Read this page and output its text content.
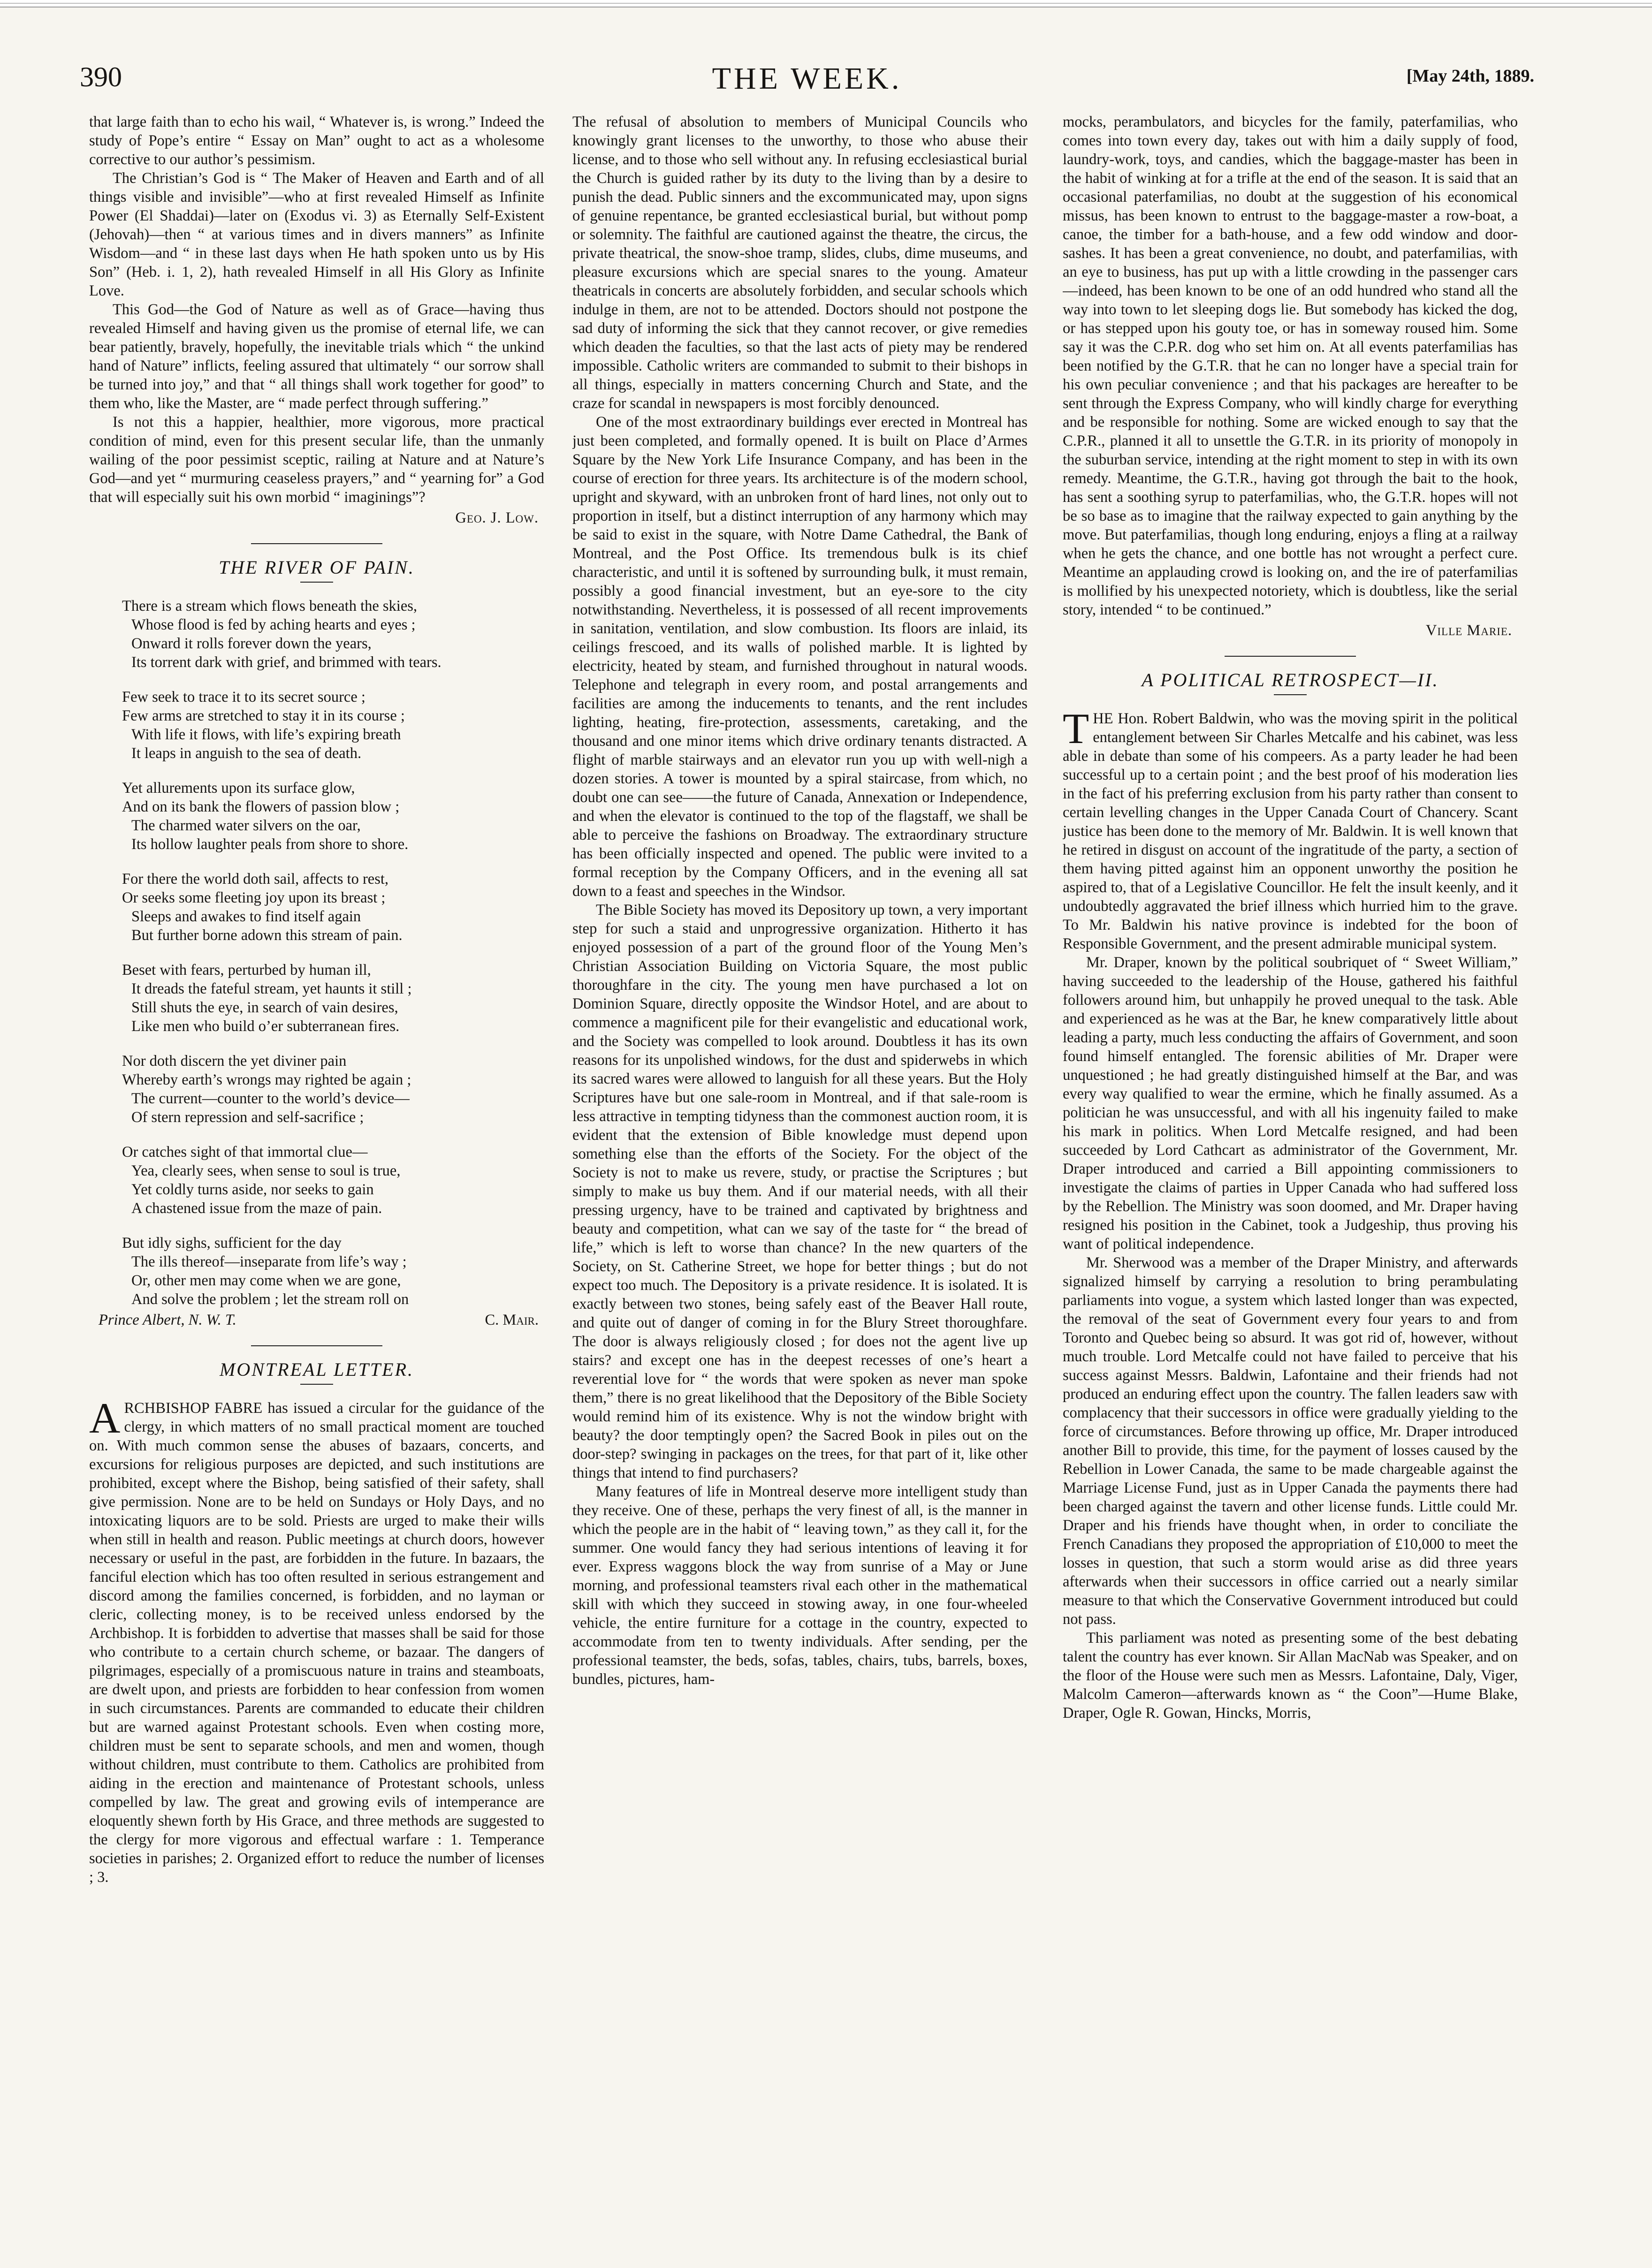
390	THE WEEK.	[May 24th, 1889.

that large faith than to echo his wail, “ Whatever is, is wrong.” Indeed the study of Pope’s entire “ Essay on Man” ought to act as a wholesome corrective to our author’s pessimism.

The Christian’s God is “ The Maker of Heaven and Earth and of all things visible and invisible”—who at first revealed Himself as Infinite Power (El Shaddai)—later on (Exodus vi. 3) as Eternally Self-Existent (Jehovah)—then “ at various times and in divers manners” as Infinite Wisdom—and “ in these last days when He hath spoken unto us by His Son” (Heb. i. 1, 2), hath revealed Himself in all His Glory as Infinite Love.

This God—the God of Nature as well as of Grace—having thus revealed Himself and having given us the promise of eternal life, we can bear patiently, bravely, hopefully, the inevitable trials which “ the unkind hand of Nature” inflicts, feeling assured that ultimately “ our sorrow shall be turned into joy,” and that “ all things shall work together for good” to them who, like the Master, are “ made perfect through suffering.”

Is not this a happier, healthier, more vigorous, more practical condition of mind, even for this present secular life, than the unmanly wailing of the poor pessimist sceptic, railing at Nature and at Nature’s God—and yet “ murmuring ceaseless prayers,” and “ yearning for” a God that will especially suit his own morbid “ imaginings”?

Geo. J. Low.
THE RIVER OF PAIN.
There is a stream which flows beneath the skies,
Whose flood is fed by aching hearts and eyes ;
Onward it rolls forever down the years,
Its torrent dark with grief, and brimmed with tears.
Few seek to trace it to its secret source ;
Few arms are stretched to stay it in its course ;
With life it flows, with life’s expiring breath
It leaps in anguish to the sea of death.
Yet allurements upon its surface glow,
And on its bank the flowers of passion blow ;
The charmed water silvers on the oar,
Its hollow laughter peals from shore to shore.
For there the world doth sail, affects to rest,
Or seeks some fleeting joy upon its breast ;
Sleeps and awakes to find itself again
But further borne adown this stream of pain.
Beset with fears, perturbed by human ill,
It dreads the fateful stream, yet haunts it still ;
Still shuts the eye, in search of vain desires,
Like men who build o’er subterranean fires.
Nor doth discern the yet diviner pain
Whereby earth’s wrongs may righted be again ;
The current—counter to the world’s device—
Of stern repression and self-sacrifice ;
Or catches sight of that immortal clue—
Yea, clearly sees, when sense to soul is true,
Yet coldly turns aside, nor seeks to gain
A chastened issue from the maze of pain.
But idly sighs, sufficient for the day
The ills thereof—inseparate from life’s way ;
Or, other men may come when we are gone,
And solve the problem ; let the stream roll on
Prince Albert, N. W. T.	C. Mair.
MONTREAL LETTER.

ARCHBISHOP FABRE has issued a circular for the guidance of the clergy, in which matters of no small practical moment are touched on. With much common sense the abuses of bazaars, concerts, and excursions for religious purposes are depicted, and such institutions are prohibited, except where the Bishop, being satisfied of their safety, shall give permission. None are to be held on Sundays or Holy Days, and no intoxicating liquors are to be sold. Priests are urged to make their wills when still in health and reason. Public meetings at church doors, however necessary or useful in the past, are forbidden in the future. In bazaars, the fanciful election which has too often resulted in serious estrangement and discord among the families concerned, is forbidden, and no layman or cleric, collecting money, is to be received unless endorsed by the Archbishop. It is forbidden to advertise that masses shall be said for those who contribute to a certain church scheme, or bazaar. The dangers of pilgrimages, especially of a promiscuous nature in trains and steamboats, are dwelt upon, and priests are forbidden to hear confession from women in such circumstances. Parents are commanded to educate their children but are warned against Protestant schools. Even when costing more, children must be sent to separate schools, and men and women, though without children, must contribute to them. Catholics are prohibited from aiding in the erection and maintenance of Protestant schools, unless compelled by law. The great and growing evils of intemperance are eloquently shewn forth by His Grace, and three methods are suggested to the clergy for more vigorous and effectual warfare : 1. Temperance societies in parishes; 2. Organized effort to reduce the number of licenses ; 3.

The refusal of absolution to members of Municipal Councils who knowingly grant licenses to the unworthy, to those who abuse their license, and to those who sell without any. In refusing ecclesiastical burial the Church is guided rather by its duty to the living than by a desire to punish the dead. Public sinners and the excommunicated may, upon signs of genuine repentance, be granted ecclesiastical burial, but without pomp or solemnity. The faithful are cautioned against the theatre, the circus, the private theatrical, the snow-shoe tramp, slides, clubs, dime museums, and pleasure excursions which are special snares to the young. Amateur theatricals in concerts are absolutely forbidden, and secular schools which indulge in them, are not to be attended. Doctors should not postpone the sad duty of informing the sick that they cannot recover, or give remedies which deaden the faculties, so that the last acts of piety may be rendered impossible. Catholic writers are commanded to submit to their bishops in all things, especially in matters concerning Church and State, and the craze for scandal in newspapers is most forcibly denounced.

One of the most extraordinary buildings ever erected in Montreal has just been completed, and formally opened. It is built on Place d’Armes Square by the New York Life Insurance Company, and has been in the course of erection for three years. Its architecture is of the modern school, upright and skyward, with an unbroken front of hard lines, not only out to proportion in itself, but a distinct interruption of any harmony which may be said to exist in the square, with Notre Dame Cathedral, the Bank of Montreal, and the Post Office. Its tremendous bulk is its chief characteristic, and until it is softened by surrounding bulk, it must remain, possibly a good financial investment, but an eye-sore to the city notwithstanding. Nevertheless, it is possessed of all recent improvements in sanitation, ventilation, and slow combustion. Its floors are inlaid, its ceilings frescoed, and its walls of polished marble. It is lighted by electricity, heated by steam, and furnished throughout in natural woods. Telephone and telegraph in every room, and postal arrangements and facilities are among the inducements to tenants, and the rent includes lighting, heating, fire-protection, assessments, caretaking, and the thousand and one minor items which drive ordinary tenants distracted. A flight of marble stairways and an elevator run you up with well-nigh a dozen stories. A tower is mounted by a spiral staircase, from which, no doubt one can see——the future of Canada, Annexation or Independence, and when the elevator is continued to the top of the flagstaff, we shall be able to perceive the fashions on Broadway. The extraordinary structure has been officially inspected and opened. The public were invited to a formal reception by the Company Officers, and in the evening all sat down to a feast and speeches in the Windsor.

The Bible Society has moved its Depository up town, a very important step for such a staid and unprogressive organization. Hitherto it has enjoyed possession of a part of the ground floor of the Young Men’s Christian Association Building on Victoria Square, the most public thoroughfare in the city. The young men have purchased a lot on Dominion Square, directly opposite the Windsor Hotel, and are about to commence a magnificent pile for their evangelistic and educational work, and the Society was compelled to look around. Doubtless it has its own reasons for its unpolished windows, for the dust and spiderwebs in which its sacred wares were allowed to languish for all these years. But the Holy Scriptures have but one sale-room in Montreal, and if that sale-room is less attractive in tempting tidyness than the commonest auction room, it is evident that the extension of Bible knowledge must depend upon something else than the efforts of the Society. For the object of the Society is not to make us revere, study, or practise the Scriptures ; but simply to make us buy them. And if our material needs, with all their pressing urgency, have to be trained and captivated by brightness and beauty and competition, what can we say of the taste for “ the bread of life,” which is left to worse than chance? In the new quarters of the Society, on St. Catherine Street, we hope for better things ; but do not expect too much. The Depository is a private residence. It is isolated. It is exactly between two stones, being safely east of the Beaver Hall route, and quite out of danger of coming in for the Blury Street thoroughfare. The door is always religiously closed ; for does not the agent live up stairs? and except one has in the deepest recesses of one’s heart a reverential love for “ the words that were spoken as never man spoke them,” there is no great likelihood that the Depository of the Bible Society would remind him of its existence. Why is not the window bright with beauty? the door temptingly open? the Sacred Book in piles out on the door-step? swinging in packages on the trees, for that part of it, like other things that intend to find purchasers?

Many features of life in Montreal deserve more intelligent study than they receive. One of these, perhaps the very finest of all, is the manner in which the people are in the habit of “ leaving town,” as they call it, for the summer. One would fancy they had serious intentions of leaving it for ever. Express waggons block the way from sunrise of a May or June morning, and professional teamsters rival each other in the mathematical skill with which they succeed in stowing away, in one four-wheeled vehicle, the entire furniture for a cottage in the country, expected to accommodate from ten to twenty individuals. After sending, per the professional teamster, the beds, sofas, tables, chairs, tubs, barrels, boxes, bundles, pictures, ham-

mocks, perambulators, and bicycles for the family, paterfamilias, who comes into town every day, takes out with him a daily supply of food, laundry-work, toys, and candies, which the baggage-master has been in the habit of winking at for a trifle at the end of the season. It is said that an occasional paterfamilias, no doubt at the suggestion of his economical missus, has been known to entrust to the baggage-master a row-boat, a canoe, the timber for a bath-house, and a few odd window and door-sashes. It has been a great convenience, no doubt, and paterfamilias, with an eye to business, has put up with a little crowding in the passenger cars—indeed, has been known to be one of an odd hundred who stand all the way into town to let sleeping dogs lie. But somebody has kicked the dog, or has stepped upon his gouty toe, or has in someway roused him. Some say it was the C.P.R. dog who set him on. At all events paterfamilias has been notified by the G.T.R. that he can no longer have a special train for his own peculiar convenience ; and that his packages are hereafter to be sent through the Express Company, who will kindly charge for everything and be responsible for nothing. Some are wicked enough to say that the C.P.R., planned it all to unsettle the G.T.R. in its priority of monopoly in the suburban service, intending at the right moment to step in with its own remedy. Meantime, the G.T.R., having got through the bait to the hook, has sent a soothing syrup to paterfamilias, who, the G.T.R. hopes will not be so base as to imagine that the railway expected to gain anything by the move. But paterfamilias, though long enduring, enjoys a fling at a railway when he gets the chance, and one bottle has not wrought a perfect cure. Meantime an applauding crowd is looking on, and the ire of paterfamilias is mollified by his unexpected notoriety, which is doubtless, like the serial story, intended “ to be continued.”

Ville Marie.
A POLITICAL RETROSPECT—II.

THE Hon. Robert Baldwin, who was the moving spirit in the political entanglement between Sir Charles Metcalfe and his cabinet, was less able in debate than some of his compeers. As a party leader he had been successful up to a certain point ; and the best proof of his moderation lies in the fact of his preferring exclusion from his party rather than consent to certain levelling changes in the Upper Canada Court of Chancery. Scant justice has been done to the memory of Mr. Baldwin. It is well known that he retired in disgust on account of the ingratitude of the party, a section of them having pitted against him an opponent unworthy the position he aspired to, that of a Legislative Councillor. He felt the insult keenly, and it undoubtedly aggravated the brief illness which hurried him to the grave. To Mr. Baldwin his native province is indebted for the boon of Responsible Government, and the present admirable municipal system.

Mr. Draper, known by the political soubriquet of “ Sweet William,” having succeeded to the leadership of the House, gathered his faithful followers around him, but unhappily he proved unequal to the task. Able and experienced as he was at the Bar, he knew comparatively little about leading a party, much less conducting the affairs of Government, and soon found himself entangled. The forensic abilities of Mr. Draper were unquestioned ; he had greatly distinguished himself at the Bar, and was every way qualified to wear the ermine, which he finally assumed. As a politician he was unsuccessful, and with all his ingenuity failed to make his mark in politics. When Lord Metcalfe resigned, and had been succeeded by Lord Cathcart as administrator of the Government, Mr. Draper introduced and carried a Bill appointing commissioners to investigate the claims of parties in Upper Canada who had suffered loss by the Rebellion. The Ministry was soon doomed, and Mr. Draper having resigned his position in the Cabinet, took a Judgeship, thus proving his want of political independence.

Mr. Sherwood was a member of the Draper Ministry, and afterwards signalized himself by carrying a resolution to bring perambulating parliaments into vogue, a system which lasted longer than was expected, the removal of the seat of Government every four years to and from Toronto and Quebec being so absurd. It was got rid of, however, without much trouble. Lord Metcalfe could not have failed to perceive that his success against Messrs. Baldwin, Lafontaine and their friends had not produced an enduring effect upon the country. The fallen leaders saw with complacency that their successors in office were gradually yielding to the force of circumstances. Before throwing up office, Mr. Draper introduced another Bill to provide, this time, for the payment of losses caused by the Rebellion in Lower Canada, the same to be made chargeable against the Marriage License Fund, just as in Upper Canada the payments there had been charged against the tavern and other license funds. Little could Mr. Draper and his friends have thought when, in order to conciliate the French Canadians they proposed the appropriation of £10,000 to meet the losses in question, that such a storm would arise as did three years afterwards when their successors in office carried out a nearly similar measure to that which the Conservative Government introduced but could not pass.

This parliament was noted as presenting some of the best debating talent the country has ever known. Sir Allan MacNab was Speaker, and on the floor of the House were such men as Messrs. Lafontaine, Daly, Viger, Malcolm Cameron—afterwards known as “ the Coon”—Hume Blake, Draper, Ogle R. Gowan, Hincks, Morris,
